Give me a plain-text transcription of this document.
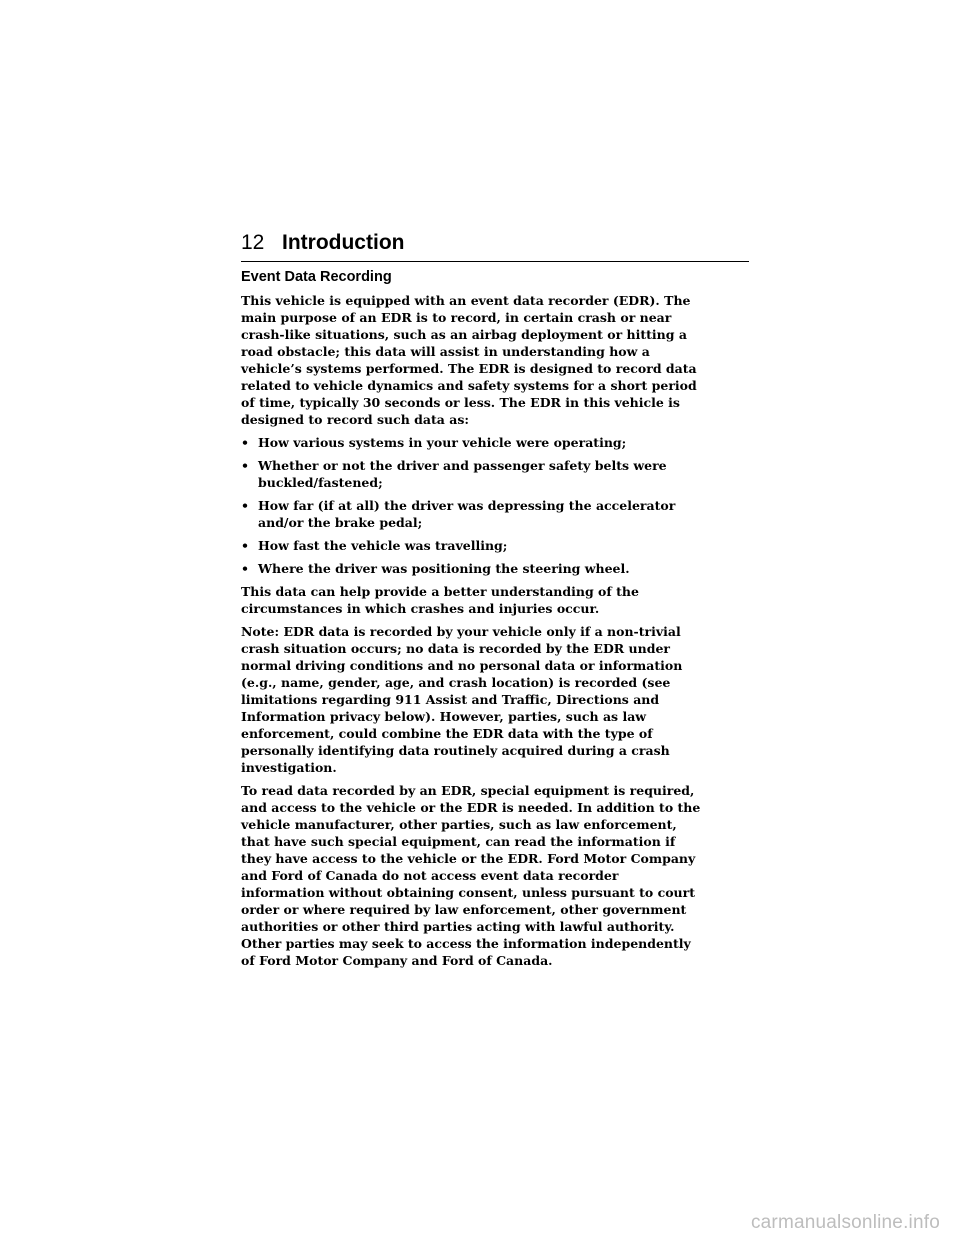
12 Introduction
Event Data Recording
This vehicle is equipped with an event data recorder (EDR). The
main purpose of an EDR is to record, in certain crash or near
crash-like situations, such as an airbag deployment or hitting a
road obstacle; this data will assist in understanding how a
vehicle’s systems performed. The EDR is designed to record data
related to vehicle dynamics and safety systems for a short period
of time, typically 30 seconds or less. The EDR in this vehicle is
designed to record such data as:
• How various systems in your vehicle were operating;
• Whether or not the driver and passenger safety belts were
buckled/fastened;
• How far (if at all) the driver was depressing the accelerator
and/or the brake pedal;
• How fast the vehicle was travelling;
• Where the driver was positioning the steering wheel.
This data can help provide a better understanding of the
circumstances in which crashes and injuries occur.
Note: EDR data is recorded by your vehicle only if a non-trivial
crash situation occurs; no data is recorded by the EDR under
normal driving conditions and no personal data or information
(e.g., name, gender, age, and crash location) is recorded (see
limitations regarding 911 Assist and Traffic, Directions and
Information privacy below). However, parties, such as law
enforcement, could combine the EDR data with the type of
personally identifying data routinely acquired during a crash
investigation.
To read data recorded by an EDR, special equipment is required,
and access to the vehicle or the EDR is needed. In addition to the
vehicle manufacturer, other parties, such as law enforcement,
that have such special equipment, can read the information if
they have access to the vehicle or the EDR. Ford Motor Company
and Ford of Canada do not access event data recorder
information without obtaining consent, unless pursuant to court
order or where required by law enforcement, other government
authorities or other third parties acting with lawful authority.
Other parties may seek to access the information independently
of Ford Motor Company and Ford of Canada.
carmanualsonline.info
